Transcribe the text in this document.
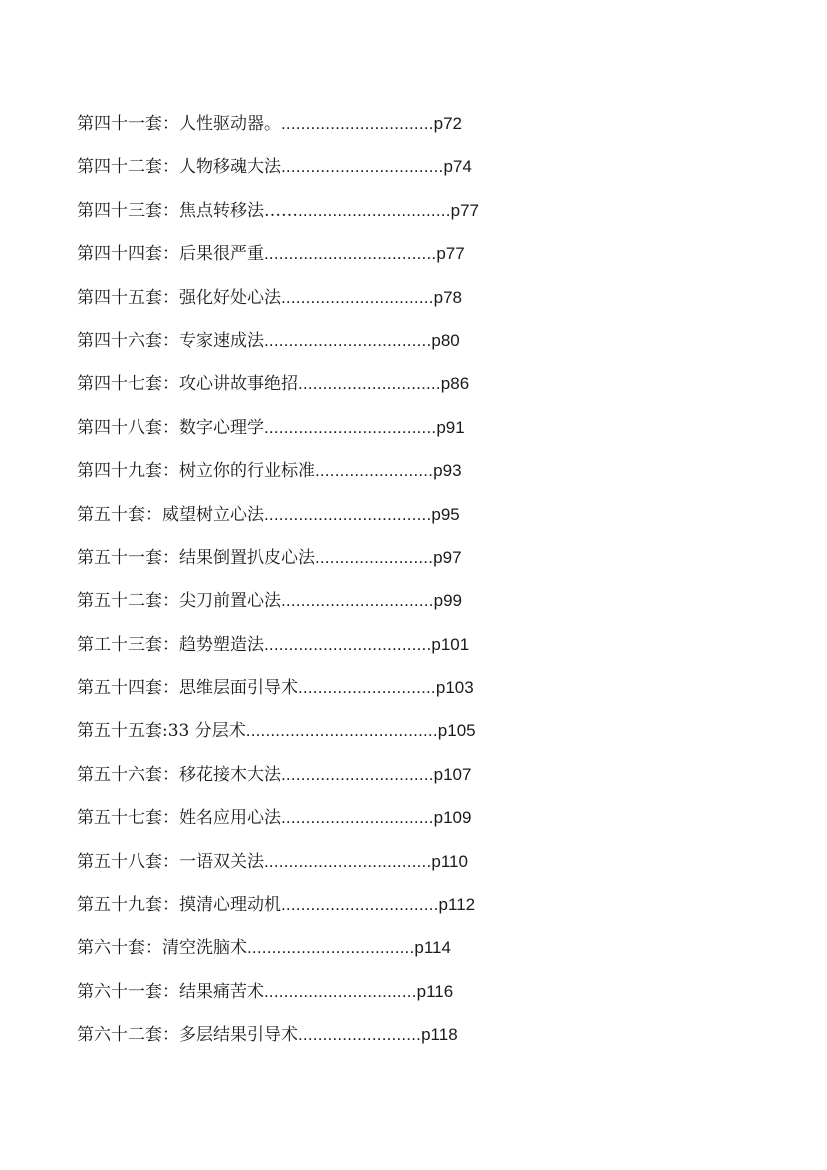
第四十一套：人性驱动器。...............................p72
第四十二套：人物移魂大法.................................p74
第四十三套：焦点转移法……...............................p77
第四十四套：后果很严重...................................p77
第四十五套：强化好处心法...............................p78
第四十六套：专家速成法..................................p80
第四十七套：攻心讲故事绝招.............................p86
第四十八套：数字心理学...................................p91
第四十九套：树立你的行业标准........................p93
第五十套：威望树立心法..................................p95
第五十一套：结果倒置扒皮心法........................p97
第五十二套：尖刀前置心法...............................p99
第工十三套：趋势塑造法..................................p101
第五十四套：思维层面引导术............................p103
第五十五套:33 分层术.......................................p105
第五十六套：移花接木大法...............................p107
第五十七套：姓名应用心法...............................p109
第五十八套：一语双关法..................................p110
第五十九套：摸清心理动机................................p112
第六十套：清空洗脑术..................................p114
第六十一套：结果痛苦术...............................p116
第六十二套：多层结果引导术.........................p118
